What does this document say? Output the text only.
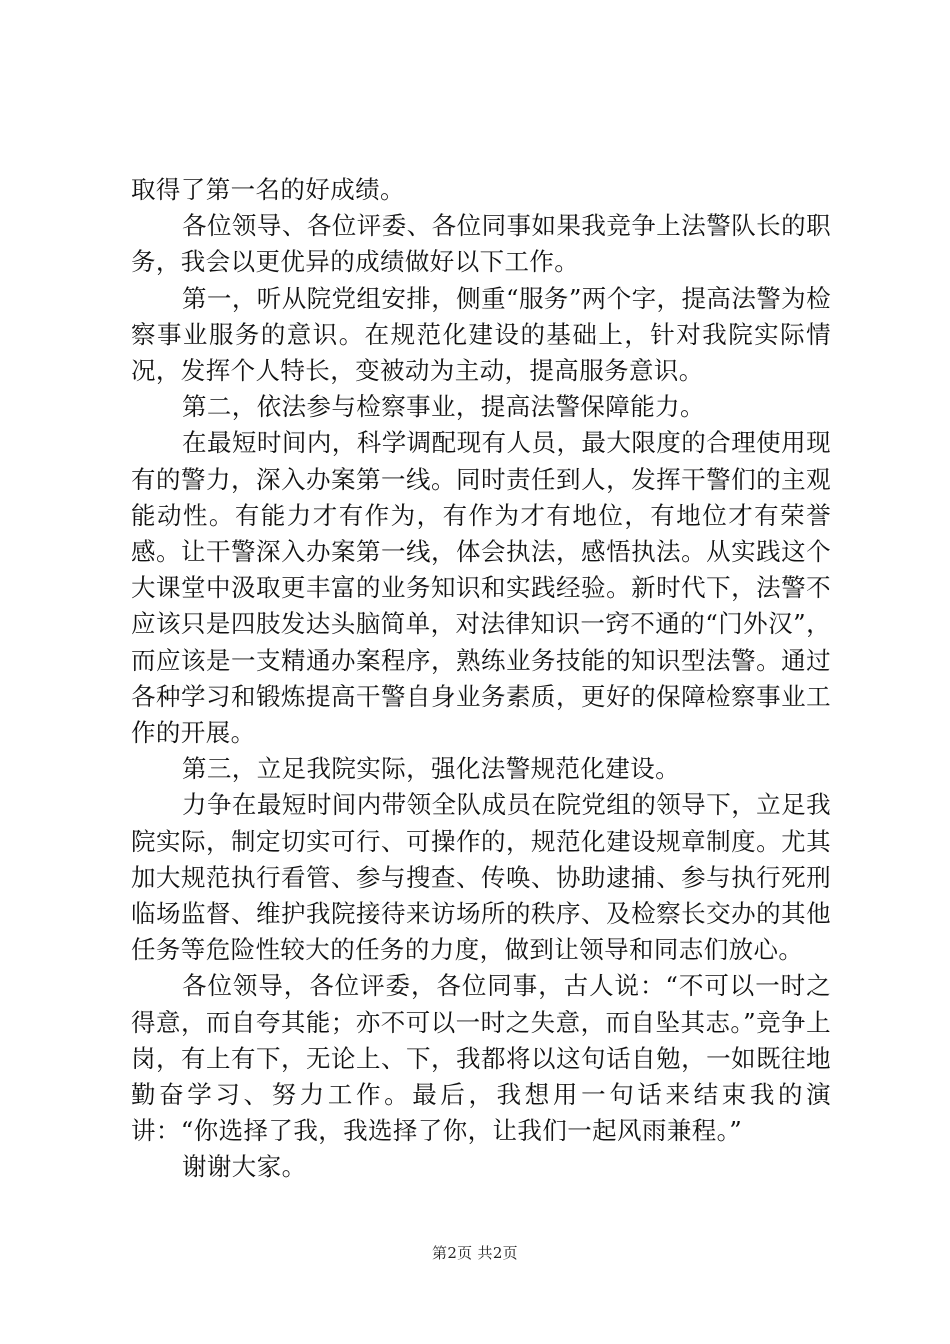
取得了第一名的好成绩。

各位领导、各位评委、各位同事如果我竞争上法警队长的职务，我会以更优异的成绩做好以下工作。

第一，听从院党组安排，侧重“服务”两个字，提高法警为检察事业服务的意识。在规范化建设的基础上，针对我院实际情况，发挥个人特长，变被动为主动，提高服务意识。

第二，依法参与检察事业，提高法警保障能力。

在最短时间内，科学调配现有人员，最大限度的合理使用现有的警力，深入办案第一线。同时责任到人，发挥干警们的主观能动性。有能力才有作为，有作为才有地位，有地位才有荣誉感。让干警深入办案第一线，体会执法，感悟执法。从实践这个大课堂中汲取更丰富的业务知识和实践经验。新时代下，法警不应该只是四肢发达头脑简单，对法律知识一窍不通的“门外汉”，而应该是一支精通办案程序，熟练业务技能的知识型法警。通过各种学习和锻炼提高干警自身业务素质，更好的保障检察事业工作的开展。

第三，立足我院实际，强化法警规范化建设。

力争在最短时间内带领全队成员在院党组的领导下，立足我院实际，制定切实可行、可操作的，规范化建设规章制度。尤其加大规范执行看管、参与搜查、传唤、协助逮捕、参与执行死刑临场监督、维护我院接待来访场所的秩序、及检察长交办的其他任务等危险性较大的任务的力度，做到让领导和同志们放心。

各位领导，各位评委，各位同事，古人说：“不可以一时之得意，而自夸其能；亦不可以一时之失意，而自坠其志。”竞争上岗，有上有下，无论上、下，我都将以这句话自勉，一如既往地勤奋学习、努力工作。最后，我想用一句话来结束我的演讲：“你选择了我，我选择了你，让我们一起风雨兼程。”

谢谢大家。

第2页 共2页
